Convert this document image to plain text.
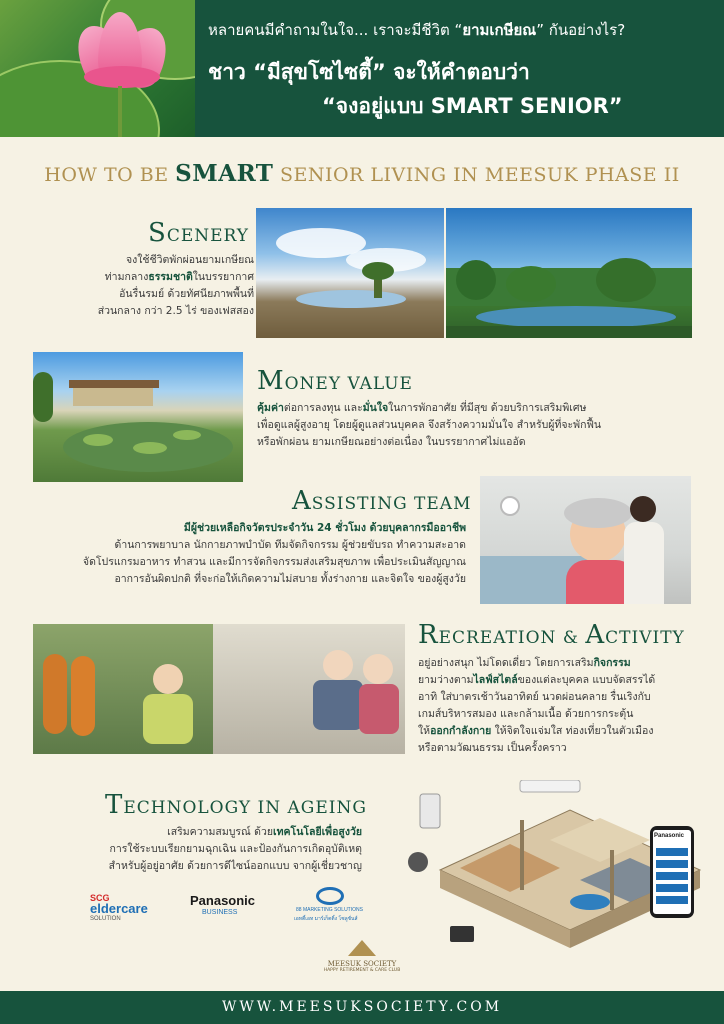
หลายคนมีคำถามในใจ... เราจะมีชีวิต “ยามเกษียณ” กันอย่างไร?
ชาว “มีสุขโซไซตี้” จะให้คำตอบว่า
“จงอยู่แบบ SMART SENIOR”
HOW TO BE SMART SENIOR LIVING IN MEESUK PHASE II
SCENERY
จงใช้ชีวิตพักผ่อนยามเกษียณ
ท่ามกลางธรรมชาติในบรรยากาศ
อันรื่นรมย์ ด้วยทัศนียภาพพื้นที่
ส่วนกลาง กว่า 2.5 ไร่ ของเฟสสอง
MONEY VALUE
คุ้มค่าต่อการลงทุน และมั่นใจในการพักอาศัย ที่มีสุข ด้วยบริการเสริมพิเศษ
เพื่อดูแลผู้สูงอายุ โดยผู้ดูแลส่วนบุคคล จึงสร้างความมั่นใจ สำหรับผู้ที่จะพักฟื้น
หรือพักผ่อน ยามเกษียณอย่างต่อเนื่อง ในบรรยากาศไม่แออัด
ASSISTING TEAM
มีผู้ช่วยเหลือกิจวัตรประจำวัน 24 ชั่วโมง ด้วยบุคลากรมืออาชีพ
ด้านการพยาบาล นักกายภาพบำบัด ทีมจัดกิจกรรม ผู้ช่วยขับรถ ทำความสะอาด
จัดโปรแกรมอาหาร ทำสวน และมีการจัดกิจกรรมส่งเสริมสุขภาพ เพื่อประเมินสัญญาณ
อาการอันผิดปกติ ที่จะก่อให้เกิดความไม่สบาย ทั้งร่างกาย และจิตใจ ของผู้สูงวัย
RECREATION & ACTIVITY
อยู่อย่างสนุก ไม่โดดเดี่ยว โดยการเสริมกิจกรรม
ยามว่างตามไลฟ์สไตล์ของแต่ละบุคคล แบบจัดสรรได้
อาทิ ใส่บาตรเช้าวันอาทิตย์ นวดผ่อนคลาย รื่นเริงกับ
เกมส์บริหารสมอง และกล้ามเนื้อ ด้วยการกระตุ้น
ให้ออกกำลังกาย ให้จิตใจแจ่มใส ท่องเที่ยวในตัวเมือง
หรือตามวัฒนธรรม เป็นครั้งคราว
TECHNOLOGY IN AGEING
เสริมความสมบูรณ์ ด้วยเทคโนโลยีเพื่อสูงวัย
การใช้ระบบเรียกยามฉุกเฉิน และป้องกันการเกิดอุบัติเหตุ
สำหรับผู้อยู่อาศัย ด้วยการดีไซน์ออกแบบ จากผู้เชี่ยวชาญ
SCG
eldercare
SOLUTION
Panasonic
BUSINESS	88 MARKETING SOLUTIONS
เอทตี้เอท มาร์เก็ตติ้ง โซลูชั่นส์
Panasonic
MEESUK SOCIETY
HAPPY RETIREMENT & CARE CLUB
WWW.MEESUKSOCIETY.COM
